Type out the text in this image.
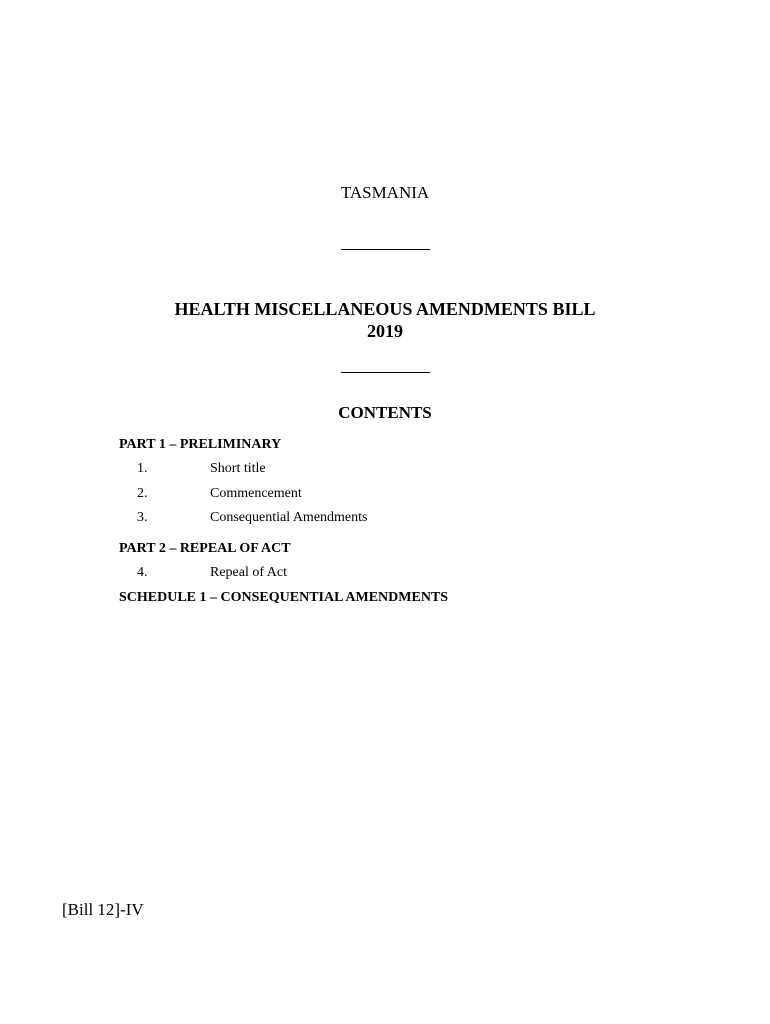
TASMANIA
HEALTH MISCELLANEOUS AMENDMENTS BILL
2019
CONTENTS
PART 1 – PRELIMINARY
1.	Short title
2.	Commencement
3.	Consequential Amendments
PART 2 – REPEAL OF ACT
4.	Repeal of Act
SCHEDULE 1 – CONSEQUENTIAL AMENDMENTS
[Bill 12]-IV
